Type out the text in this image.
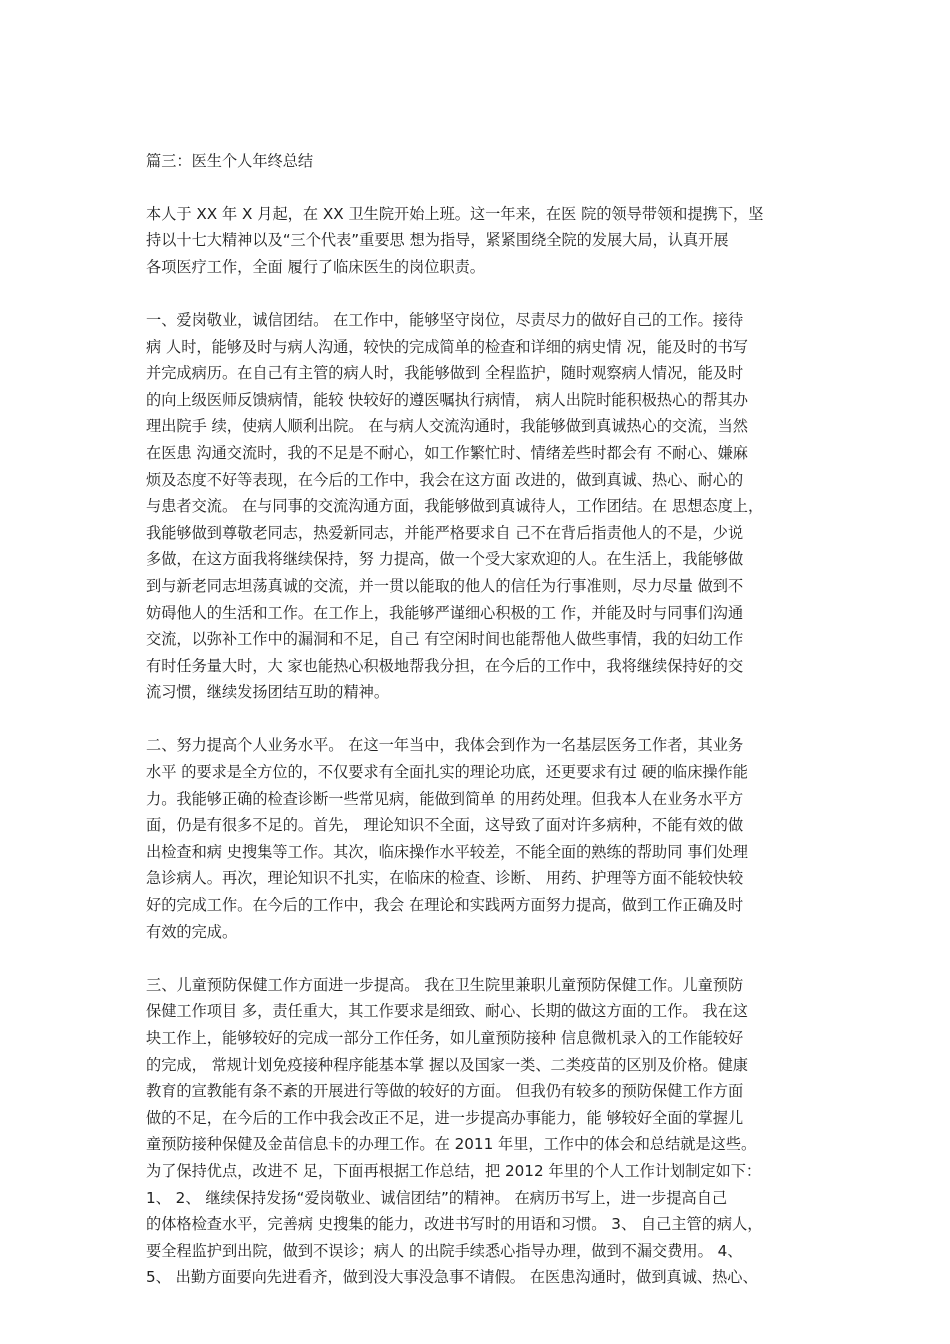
篇三：医生个人年终总结
本人于 XX 年 X 月起，在 XX 卫生院开始上班。这一年来，在医 院的领导带领和提携下，坚
持以十七大精神以及“三个代表”重要思 想为指导，紧紧围绕全院的发展大局，认真开展
各项医疗工作，全面 履行了临床医生的岗位职责。
一、爱岗敬业，诚信团结。 在工作中，能够坚守岗位，尽责尽力的做好自己的工作。接待
病 人时，能够及时与病人沟通，较快的完成简单的检查和详细的病史情 况，能及时的书写
并完成病历。在自己有主管的病人时，我能够做到 全程监护，随时观察病人情况，能及时
的向上级医师反馈病情，能较 快较好的遵医嘱执行病情， 病人出院时能积极热心的帮其办
理出院手 续，使病人顺利出院。 在与病人交流沟通时，我能够做到真诚热心的交流，当然
在医患 沟通交流时，我的不足是不耐心，如工作繁忙时、情绪差些时都会有 不耐心、嫌麻
烦及态度不好等表现，在今后的工作中，我会在这方面 改进的，做到真诚、热心、耐心的
与患者交流。 在与同事的交流沟通方面，我能够做到真诚待人，工作团结。在 思想态度上，
我能够做到尊敬老同志，热爱新同志，并能严格要求自 己不在背后指责他人的不是，少说
多做，在这方面我将继续保持，努 力提高，做一个受大家欢迎的人。在生活上，我能够做
到与新老同志坦荡真诚的交流，并一贯以能取的他人的信任为行事准则，尽力尽量 做到不
妨碍他人的生活和工作。在工作上，我能够严谨细心积极的工 作，并能及时与同事们沟通
交流，以弥补工作中的漏洞和不足，自己 有空闲时间也能帮他人做些事情，我的妇幼工作
有时任务量大时，大 家也能热心积极地帮我分担，在今后的工作中，我将继续保持好的交
流习惯，继续发扬团结互助的精神。
二、努力提高个人业务水平。 在这一年当中，我体会到作为一名基层医务工作者，其业务
水平 的要求是全方位的，不仅要求有全面扎实的理论功底，还更要求有过 硬的临床操作能
力。我能够正确的检查诊断一些常见病，能做到简单 的用药处理。但我本人在业务水平方
面，仍是有很多不足的。首先， 理论知识不全面，这导致了面对许多病种，不能有效的做
出检查和病 史搜集等工作。其次，临床操作水平较差，不能全面的熟练的帮助同 事们处理
急诊病人。再次，理论知识不扎实，在临床的检查、诊断、 用药、护理等方面不能较快较
好的完成工作。在今后的工作中，我会 在理论和实践两方面努力提高，做到工作正确及时
有效的完成。
三、儿童预防保健工作方面进一步提高。 我在卫生院里兼职儿童预防保健工作。儿童预防
保健工作项目 多，责任重大，其工作要求是细致、耐心、长期的做这方面的工作。 我在这
块工作上，能够较好的完成一部分工作任务，如儿童预防接种 信息微机录入的工作能较好
的完成， 常规计划免疫接种程序能基本掌 握以及国家一类、二类疫苗的区别及价格。健康
教育的宣教能有条不紊的开展进行等做的较好的方面。 但我仍有较多的预防保健工作方面
做的不足，在今后的工作中我会改正不足，进一步提高办事能力，能 够较好全面的掌握儿
童预防接种保健及金苗信息卡的办理工作。在 2011 年里，工作中的体会和总结就是这些。
为了保持优点，改进不 足，下面再根据工作总结，把 2012 年里的个人工作计划制定如下：
1、 2、 继续保持发扬“爱岗敬业、诚信团结”的精神。 在病历书写上，进一步提高自己
的体格检查水平，完善病 史搜集的能力，改进书写时的用语和习惯。 3、 自己主管的病人，
要全程监护到出院，做到不误诊；病人 的出院手续悉心指导办理，做到不漏交费用。 4、
5、 出勤方面要向先进看齐，做到没大事没急事不请假。 在医患沟通时，做到真诚、热心、
